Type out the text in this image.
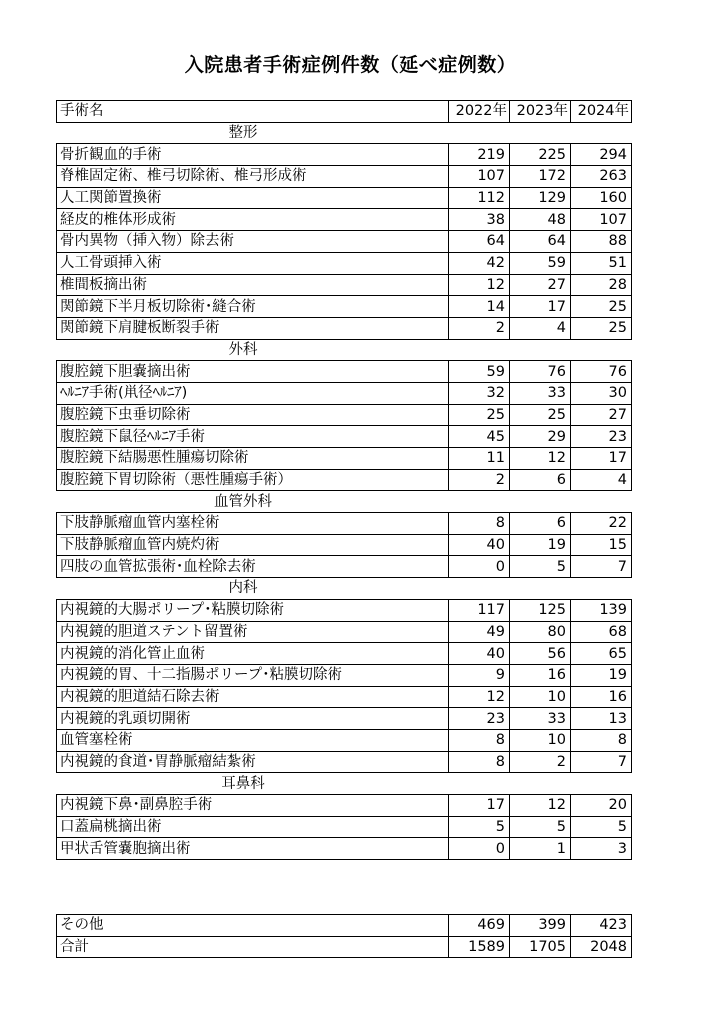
入院患者手術症例件数（延べ症例数）
手術名	2022年	2023年	2024年
整形			
骨折観血的手術	219	225	294
脊椎固定術、椎弓切除術、椎弓形成術	107	172	263
人工関節置換術	112	129	160
経皮的椎体形成術	38	48	107
骨内異物（挿入物）除去術	64	64	88
人工骨頭挿入術	42	59	51
椎間板摘出術	12	27	28
関節鏡下半月板切除術･縫合術	14	17	25
関節鏡下肩腱板断裂手術	2	4	25
外科			
腹腔鏡下胆嚢摘出術	59	76	76
ﾍﾙﾆｱ手術(鼡径ﾍﾙﾆｱ)	32	33	30
腹腔鏡下虫垂切除術	25	25	27
腹腔鏡下鼠径ﾍﾙﾆｱ手術	45	29	23
腹腔鏡下結腸悪性腫瘍切除術	11	12	17
腹腔鏡下胃切除術（悪性腫瘍手術）	2	6	4
血管外科			
下肢静脈瘤血管内塞栓術	8	6	22
下肢静脈瘤血管内焼灼術	40	19	15
四肢の血管拡張術･血栓除去術	0	5	7
内科			
内視鏡的大腸ポリープ･粘膜切除術	117	125	139
内視鏡的胆道ステント留置術	49	80	68
内視鏡的消化管止血術	40	56	65
内視鏡的胃、十二指腸ポリープ･粘膜切除術	9	16	19
内視鏡的胆道結石除去術	12	10	16
内視鏡的乳頭切開術	23	33	13
血管塞栓術	8	10	8
内視鏡的食道･胃静脈瘤結紮術	8	2	7
耳鼻科			
内視鏡下鼻･副鼻腔手術	17	12	20
口蓋扁桃摘出術	5	5	5
甲状舌管嚢胞摘出術	0	1	3
その他	469	399	423
合計	1589	1705	2048
